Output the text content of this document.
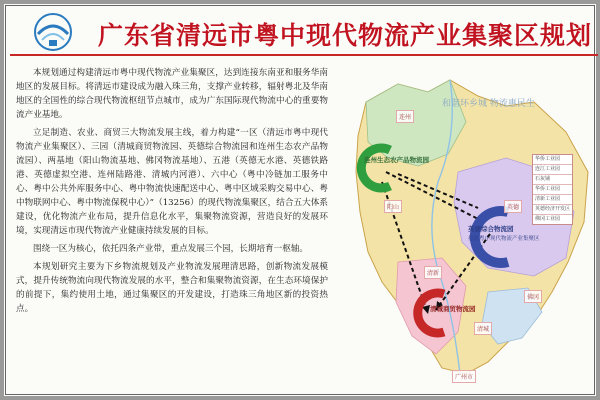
广东省清远市粤中现代物流产业集聚区规划

本规划通过构建清远市粤中现代物流产业集聚区，达到连接东南亚和服务华南地区的发展目标。将清远市建设成为融入珠三角，支撑产业转移，辐射粤北及华南地区的全国性的综合现代物流枢纽节点城市，成为广东国际现代物流中心的重要物流产业基地。

立足制造、农业、商贸三大物流发展主线，着力构建“一区（清远市粤中现代物流产业集聚区）、三园（清城商贸物流园、英德综合物流园和连州生态农产品物流园）、两基地（阳山物流基地、佛冈物流基地）、五港（英德无水港、英德铁路港、英德虚拟空港、连州陆路港、清城内河港）、六中心（粤中冷链加工服务中心、粤中公共外库服务中心、粤中物流快速配送中心、粤中区域采购交易中心、粤中物联网中心、粤中物流保税中心）”（13256）的现代物流集聚区，结合五大体系建设，优化物流产业布局，提升信息化水平，集聚物流资源，营造良好的发展环境，实现清远市现代物流产业健康持续发展的目标。

围绕一区为核心，依托四条产业带，重点发展三个园，长期培育一枢轴。

本规划研究主要为下乡物流规划及产业物流发展理清思路，创新物流发展模式，提升传统物流向现代物流发展的水平，整合和集聚物流资源，在生态环境保护的前提下，集约使用土地，通过集聚区的开发建设，打造珠三角地区新的投资热点。

和谐环乡城 物流惠民生
连州生态农产品物流园
英德综合物流园
打造粤中现代物流产业集聚区
清城商贸物流园
华侨工业园
连江工业园
石灰铺
华侨工业园
清新工业园
英德经济开发区
佛冈工业园
连州
阳山	英德
清新
清城
佛冈
广州市
